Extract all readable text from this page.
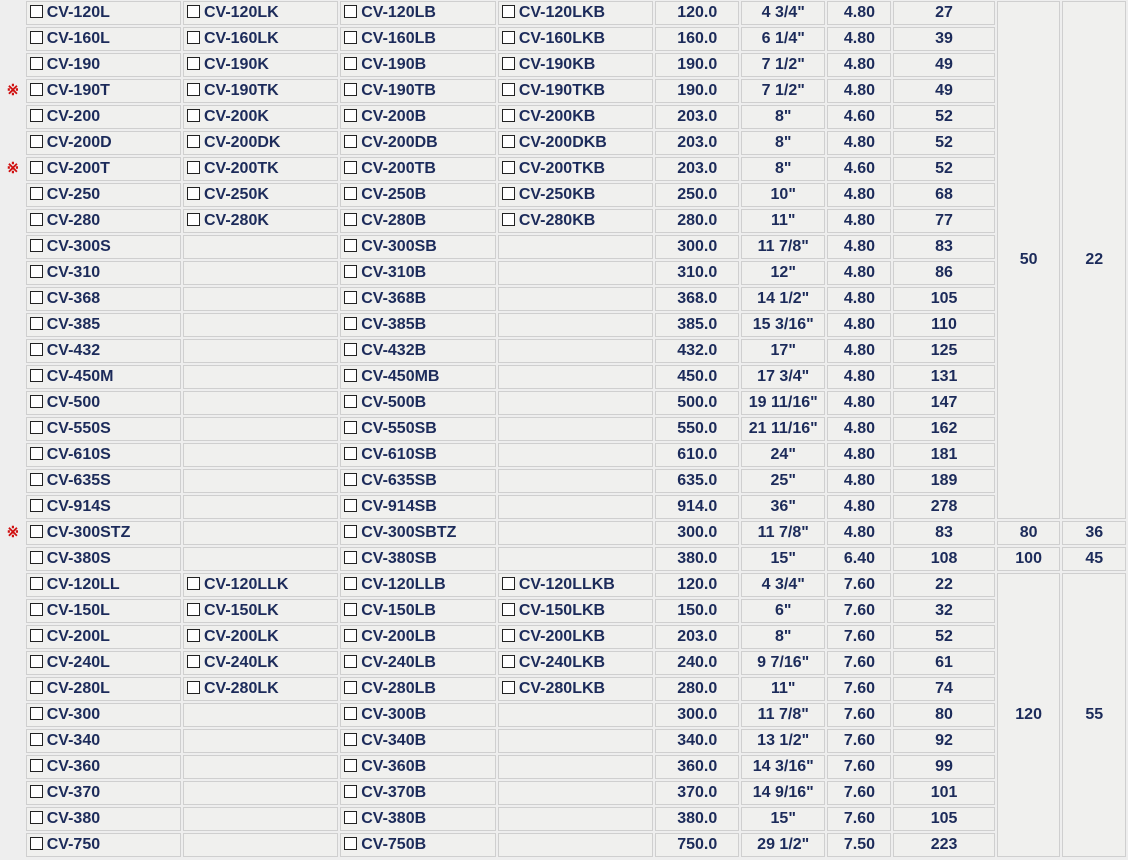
	CV-120L	CV-120LK	CV-120LB	CV-120LKB	120.0	4 3/4"	4.80	27	50	22
	CV-160L	CV-160LK	CV-160LB	CV-160LKB	160.0	6 1/4"	4.80	39		
	CV-190	CV-190K	CV-190B	CV-190KB	190.0	7 1/2"	4.80	49		
※	CV-190T	CV-190TK	CV-190TB	CV-190TKB	190.0	7 1/2"	4.80	49		
	CV-200	CV-200K	CV-200B	CV-200KB	203.0	8"	4.60	52		
	CV-200D	CV-200DK	CV-200DB	CV-200DKB	203.0	8"	4.80	52		
※	CV-200T	CV-200TK	CV-200TB	CV-200TKB	203.0	8"	4.60	52		
	CV-250	CV-250K	CV-250B	CV-250KB	250.0	10"	4.80	68		
	CV-280	CV-280K	CV-280B	CV-280KB	280.0	11"	4.80	77		
	CV-300S		CV-300SB		300.0	11 7/8"	4.80	83		
	CV-310		CV-310B		310.0	12"	4.80	86		
	CV-368		CV-368B		368.0	14 1/2"	4.80	105		
	CV-385		CV-385B		385.0	15 3/16"	4.80	110		
	CV-432		CV-432B		432.0	17"	4.80	125		
	CV-450M		CV-450MB		450.0	17 3/4"	4.80	131		
	CV-500		CV-500B		500.0	19 11/16"	4.80	147		
	CV-550S		CV-550SB		550.0	21 11/16"	4.80	162		
	CV-610S		CV-610SB		610.0	24"	4.80	181		
	CV-635S		CV-635SB		635.0	25"	4.80	189		
	CV-914S		CV-914SB		914.0	36"	4.80	278		
※	CV-300STZ		CV-300SBTZ		300.0	11 7/8"	4.80	83	80	36
	CV-380S		CV-380SB		380.0	15"	6.40	108	100	45
	CV-120LL	CV-120LLK	CV-120LLB	CV-120LLKB	120.0	4 3/4"	7.60	22	120	55
	CV-150L	CV-150LK	CV-150LB	CV-150LKB	150.0	6"	7.60	32		
	CV-200L	CV-200LK	CV-200LB	CV-200LKB	203.0	8"	7.60	52		
	CV-240L	CV-240LK	CV-240LB	CV-240LKB	240.0	9 7/16"	7.60	61		
	CV-280L	CV-280LK	CV-280LB	CV-280LKB	280.0	11"	7.60	74		
	CV-300		CV-300B		300.0	11 7/8"	7.60	80		
	CV-340		CV-340B		340.0	13 1/2"	7.60	92		
	CV-360		CV-360B		360.0	14 3/16"	7.60	99		
	CV-370		CV-370B		370.0	14 9/16"	7.60	101		
	CV-380		CV-380B		380.0	15"	7.60	105		
	CV-750		CV-750B		750.0	29 1/2"	7.50	223		
